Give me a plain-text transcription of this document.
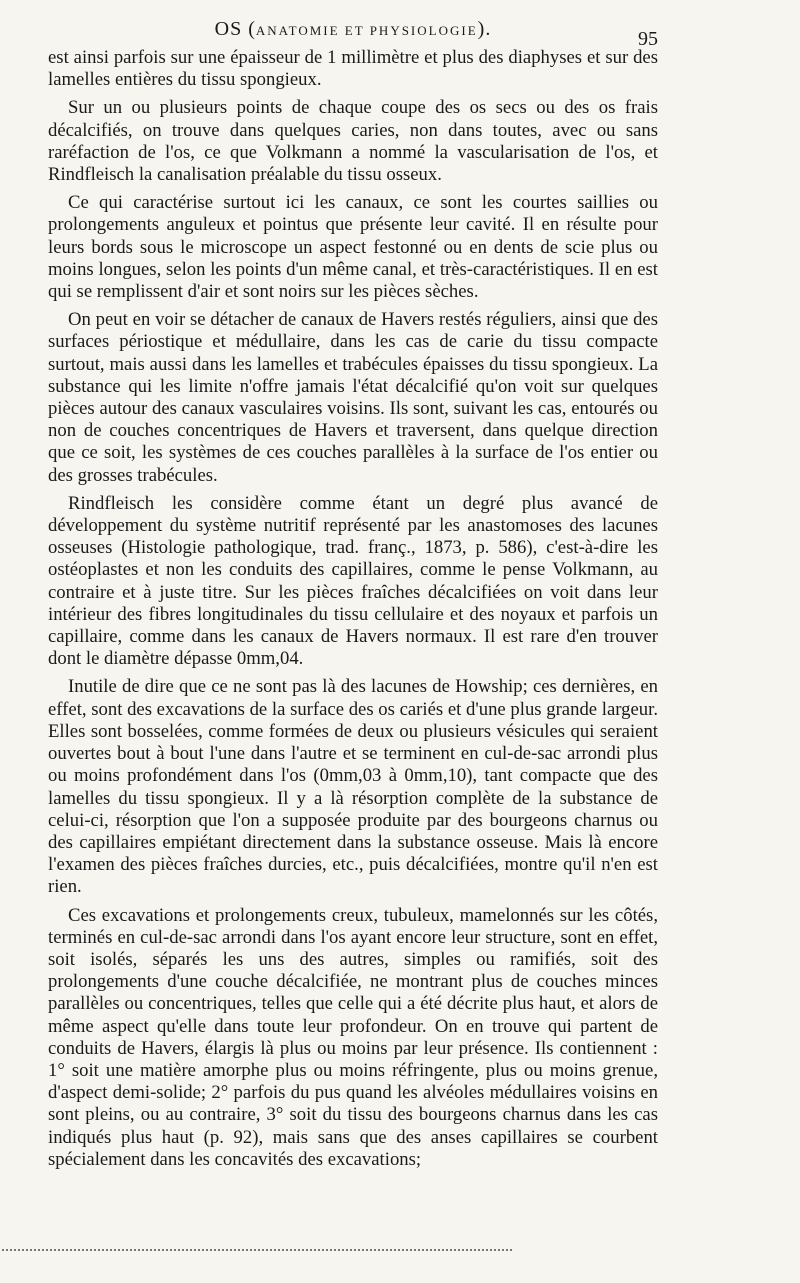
OS (ANATOMIE ET PHYSIOLOGIE).	95

est ainsi parfois sur une épaisseur de 1 millimètre et plus des diaphyses et sur des lamelles entières du tissu spongieux.

Sur un ou plusieurs points de chaque coupe des os secs ou des os frais décalcifiés, on trouve dans quelques caries, non dans toutes, avec ou sans raréfaction de l'os, ce que Volkmann a nommé la vascularisation de l'os, et Rindfleisch la canalisation préalable du tissu osseux.

Ce qui caractérise surtout ici les canaux, ce sont les courtes saillies ou prolongements anguleux et pointus que présente leur cavité. Il en résulte pour leurs bords sous le microscope un aspect festonné ou en dents de scie plus ou moins longues, selon les points d'un même canal, et très-caractéristiques. Il en est qui se remplissent d'air et sont noirs sur les pièces sèches.

On peut en voir se détacher de canaux de Havers restés réguliers, ainsi que des surfaces périostique et médullaire, dans les cas de carie du tissu compacte surtout, mais aussi dans les lamelles et trabécules épaisses du tissu spongieux. La substance qui les limite n'offre jamais l'état décalcifié qu'on voit sur quelques pièces autour des canaux vasculaires voisins. Ils sont, suivant les cas, entourés ou non de couches concentriques de Havers et traversent, dans quelque direction que ce soit, les systèmes de ces couches parallèles à la surface de l'os entier ou des grosses trabécules.

Rindfleisch les considère comme étant un degré plus avancé de développement du système nutritif représenté par les anastomoses des lacunes osseuses (Histologie pathologique, trad. franç., 1873, p. 586), c'est-à-dire les ostéoplastes et non les conduits des capillaires, comme le pense Volkmann, au contraire et à juste titre. Sur les pièces fraîches décalcifiées on voit dans leur intérieur des fibres longitudinales du tissu cellulaire et des noyaux et parfois un capillaire, comme dans les canaux de Havers normaux. Il est rare d'en trouver dont le diamètre dépasse 0mm,04.

Inutile de dire que ce ne sont pas là des lacunes de Howship; ces dernières, en effet, sont des excavations de la surface des os cariés et d'une plus grande largeur. Elles sont bosselées, comme formées de deux ou plusieurs vésicules qui seraient ouvertes bout à bout l'une dans l'autre et se terminent en cul-de-sac arrondi plus ou moins profondément dans l'os (0mm,03 à 0mm,10), tant compacte que des lamelles du tissu spongieux. Il y a là résorption complète de la substance de celui-ci, résorption que l'on a supposée produite par des bourgeons charnus ou des capillaires empiétant directement dans la substance osseuse. Mais là encore l'examen des pièces fraîches durcies, etc., puis décalcifiées, montre qu'il n'en est rien.

Ces excavations et prolongements creux, tubuleux, mamelonnés sur les côtés, terminés en cul-de-sac arrondi dans l'os ayant encore leur structure, sont en effet, soit isolés, séparés les uns des autres, simples ou ramifiés, soit des prolongements d'une couche décalcifiée, ne montrant plus de couches minces parallèles ou concentriques, telles que celle qui a été décrite plus haut, et alors de même aspect qu'elle dans toute leur profondeur. On en trouve qui partent de conduits de Havers, élargis là plus ou moins par leur présence. Ils contiennent : 1° soit une matière amorphe plus ou moins réfringente, plus ou moins grenue, d'aspect demi-solide; 2° parfois du pus quand les alvéoles médullaires voisins en sont pleins, ou au contraire, 3° soit du tissu des bourgeons charnus dans les cas indiqués plus haut (p. 92), mais sans que des anses capillaires se courbent spécialement dans les concavités des excavations;
